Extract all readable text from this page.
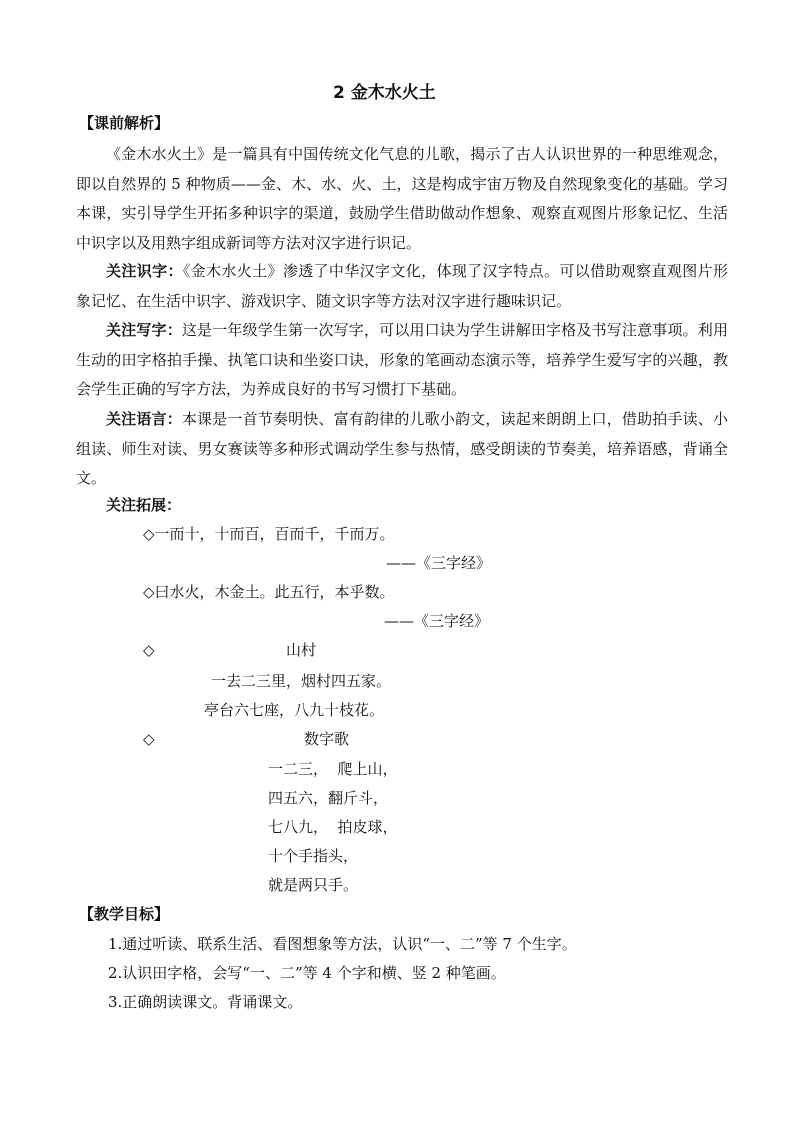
2 金木水火土
【课前解析】
《金木水火土》是一篇具有中国传统文化气息的儿歌，揭示了古人认识世界的一种思维观念，即以自然界的 5 种物质——金、木、水、火、土，这是构成宇宙万物及自然现象变化的基础。学习本课，实引导学生开拓多种识字的渠道，鼓励学生借助做动作想象、观察直观图片形象记忆、生活中识字以及用熟字组成新词等方法对汉字进行识记。
关注识字：《金木水火土》渗透了中华汉字文化，体现了汉字特点。可以借助观察直观图片形象记忆、在生活中识字、游戏识字、随文识字等方法对汉字进行趣味识记。
关注写字：这是一年级学生第一次写字，可以用口诀为学生讲解田字格及书写注意事项。利用生动的田字格拍手操、执笔口诀和坐姿口诀，形象的笔画动态演示等，培养学生爱写字的兴趣，教会学生正确的写字方法，为养成良好的书写习惯打下基础。
关注语言：本课是一首节奏明快、富有韵律的儿歌小韵文，读起来朗朗上口，借助拍手读、小组读、师生对读、男女赛读等多种形式调动学生参与热情，感受朗读的节奏美，培养语感，背诵全文。
关注拓展：
◇一而十，十而百，百而千，千而万。
——《三字经》
◇曰水火，木金土。此五行，本乎数。
——《三字经》
◇	山村
一去二三里，烟村四五家。
亭台六七座，八九十枝花。
◇	数字歌
一二三，  爬上山，
四五六，翻斤斗，
七八九，  拍皮球，
十个手指头，
就是两只手。
【教学目标】
1.通过听读、联系生活、看图想象等方法，认识“一、二”等 7 个生字。
2.认识田字格，会写“一、二”等 4 个字和横、竖 2 种笔画。
3.正确朗读课文。背诵课文。
